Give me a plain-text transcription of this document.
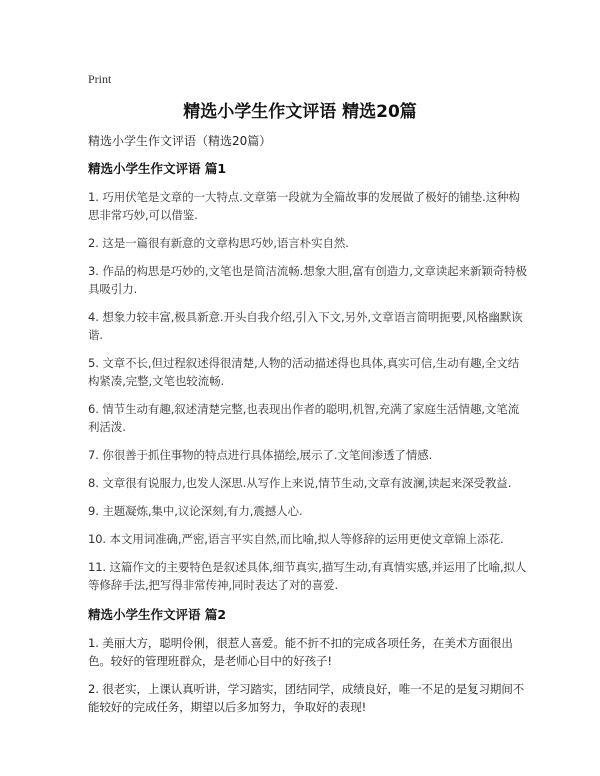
Print
精选小学生作文评语 精选20篇

精选小学生作文评语（精选20篇）

精选小学生作文评语 篇1

1. 巧用伏笔是文章的一大特点.文章第一段就为全篇故事的发展做了极好的铺垫.这种构思非常巧妙,可以借鉴.

2. 这是一篇很有新意的文章构思巧妙,语言朴实自然.

3. 作品的构思是巧妙的,文笔也是简洁流畅.想象大胆,富有创造力,文章读起来新颖奇特极具吸引力.

4. 想象力较丰富,极具新意.开头自我介绍,引入下文,另外,文章语言简明扼要,风格幽默诙谐.

5. 文章不长,但过程叙述得很清楚,人物的活动描述得也具体,真实可信,生动有趣,全文结构紧凑,完整,文笔也较流畅.

6. 情节生动有趣,叙述清楚完整,也表现出作者的聪明,机智,充满了家庭生活情趣,文笔流利活泼.

7. 你很善于抓住事物的特点进行具体描绘,展示了.文笔间渗透了情感.

8. 文章很有说服力,也发人深思.从写作上来说,情节生动,文章有波澜,读起来深受教益.

9. 主题凝炼,集中,议论深刻,有力,震撼人心.

10. 本文用词准确,严密,语言平实自然,而比喻,拟人等修辞的运用更使文章锦上添花.

11. 这篇作文的主要特色是叙述具体,细节真实,描写生动,有真情实感,并运用了比喻,拟人等修辞手法,把写得非常传神,同时表达了对的喜爱.

精选小学生作文评语 篇2

1. 美丽大方，聪明伶俐，很惹人喜爱。能不折不扣的完成各项任务，在美术方面很出色。较好的管理班群众，是老师心目中的好孩子!

2. 很老实，上课认真听讲，学习踏实，团结同学，成绩良好，唯一不足的是复习期间不能较好的完成任务，期望以后多加努力，争取好的表现!
